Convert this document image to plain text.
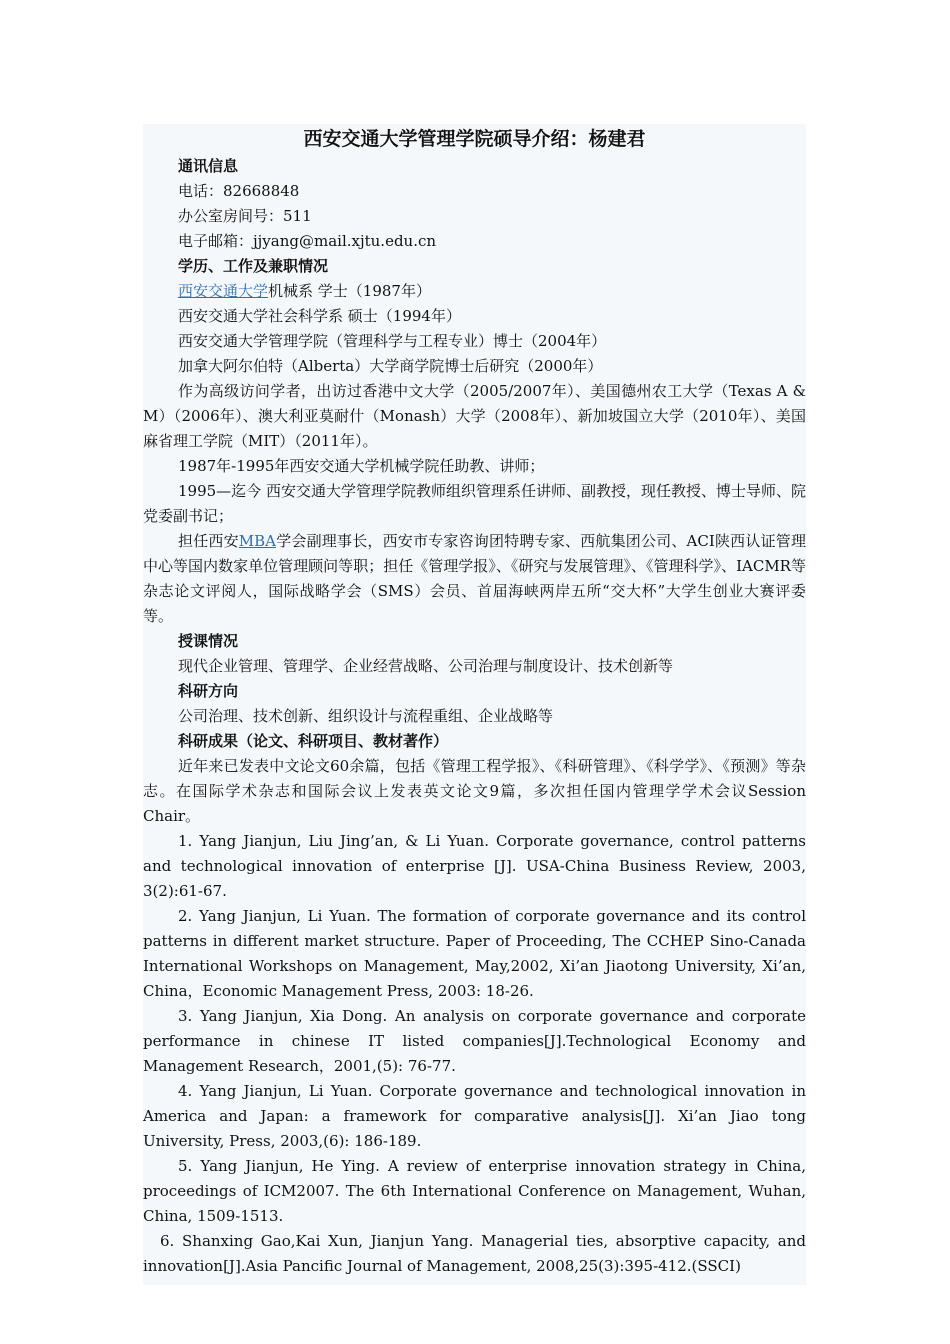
西安交通大学管理学院硕导介绍：杨建君

通讯信息

电话：82668848

办公室房间号：511

电子邮箱：jjyang@mail.xjtu.edu.cn

学历、工作及兼职情况

西安交通大学机械系 学士（1987年）

西安交通大学社会科学系 硕士（1994年）

西安交通大学管理学院（管理科学与工程专业）博士（2004年）

加拿大阿尔伯特（Alberta）大学商学院博士后研究（2000年）

作为高级访问学者，出访过香港中文大学（2005/2007年）、美国德州农工大学（Texas A & M）（2006年）、澳大利亚莫耐什（Monash）大学（2008年）、新加坡国立大学（2010年）、美国麻省理工学院（MIT）（2011年）。

1987年-1995年西安交通大学机械学院任助教、讲师；

1995—迄今 西安交通大学管理学院教师组织管理系任讲师、副教授，现任教授、博士导师、院党委副书记；

担任西安MBA学会副理事长，西安市专家咨询团特聘专家、西航集团公司、ACI陕西认证管理中心等国内数家单位管理顾问等职；担任《管理学报》、《研究与发展管理》、《管理科学》、IACMR等杂志论文评阅人，国际战略学会（SMS）会员、首届海峡两岸五所“交大杯”大学生创业大赛评委等。

授课情况

现代企业管理、管理学、企业经营战略、公司治理与制度设计、技术创新等

科研方向

公司治理、技术创新、组织设计与流程重组、企业战略等

科研成果（论文、科研项目、教材著作）

近年来已发表中文论文60余篇，包括《管理工程学报》、《科研管理》、《科学学》、《预测》等杂志。在国际学术杂志和国际会议上发表英文论文9篇，多次担任国内管理学学术会议Session Chair。

1. Yang Jianjun, Liu Jing’an, & Li Yuan. Corporate governance, control patterns and technological innovation of enterprise [J]. USA-China Business Review, 2003, 3(2):61-67.

2. Yang Jianjun, Li Yuan. The formation of corporate governance and its control patterns in different market structure. Paper of Proceeding, The CCHEP Sino-Canada International Workshops on Management, May,2002, Xi’an Jiaotong University, Xi’an, China，Economic Management Press, 2003: 18-26.

3. Yang Jianjun, Xia Dong. An analysis on corporate governance and corporate performance in chinese IT listed companies[J].Technological Economy and Management Research，2001,(5): 76-77.

4. Yang Jianjun, Li Yuan. Corporate governance and technological innovation in America and Japan: a framework for comparative analysis[J]. Xi’an Jiao tong University, Press, 2003,(6): 186-189.

5. Yang Jianjun, He Ying. A review of enterprise innovation strategy in China, proceedings of ICM2007. The 6th International Conference on Management, Wuhan, China, 1509-1513.

6. Shanxing Gao,Kai Xun, Jianjun Yang. Managerial ties, absorptive capacity, and innovation[J].Asia Pancific Journal of Management, 2008,25(3):395-412.(SSCI)
